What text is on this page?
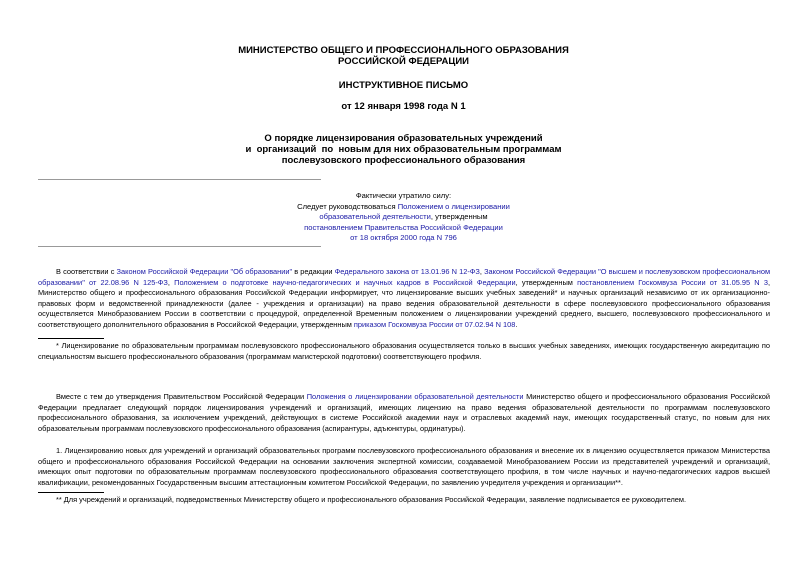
МИНИСТЕРСТВО ОБЩЕГО И ПРОФЕССИОНАЛЬНОГО ОБРАЗОВАНИЯ
РОССИЙСКОЙ ФЕДЕРАЦИИ
ИНСТРУКТИВНОЕ ПИСЬМО
от 12 января 1998 года N 1
О порядке лицензирования образовательных учреждений
и  организаций  по  новым для них образовательным программам
послевузовского профессионального образования
Фактически утратило силу:
Следует руководствоваться Положением о лицензировании
образовательной деятельности, утвержденным
постановлением Правительства Российской Федерации
от 18 октября 2000 года N 796

В соответствии с Законом Российской Федерации "Об образовании" в редакции Федерального закона от 13.01.96 N 12-ФЗ, Законом Российской Федерации "О высшем и послевузовском профессиональном образовании" от 22.08.96 N 125-ФЗ, Положением о подготовке научно-педагогических и научных кадров в Российской Федерации, утвержденным постановлением Госкомвуза России от 31.05.95 N 3, Министерство общего и профессионального образования Российской Федерации информирует, что лицензирование высших учебных заведений* и научных организаций независимо от их организационно-правовых форм и ведомственной принадлежности (далее - учреждения и организации) на право ведения образовательной деятельности в сфере послевузовского профессионального образования осуществляется Минобразованием России в соответствии с процедурой, определенной Временным положением о лицензировании учреждений среднего, высшего, послевузовского профессионального и соответствующего дополнительного образования в Российской Федерации, утвержденным приказом Госкомвуза России от 07.02.94 N 108.

* Лицензирование по образовательным программам послевузовского профессионального образования осуществляется только в высших учебных заведениях, имеющих государственную аккредитацию по специальностям высшего профессионального образования (программам магистерской подготовки) соответствующего профиля.

Вместе с тем до утверждения Правительством Российской Федерации Положения о лицензировании образовательной деятельности Министерство общего и профессионального образования Российской Федерации предлагает следующий порядок лицензирования учреждений и организаций, имеющих лицензию на право ведения образовательной деятельности по программам послевузовского профессионального образования, за исключением учреждений, действующих в системе Российской академии наук и отраслевых академий наук, имеющих государственный статус, по новым для них образовательным программам послевузовского профессионального образования (аспирантуры, адъюнктуры, ординатуры).

1. Лицензированию новых для учреждений и организаций образовательных программ послевузовского профессионального образования и внесение их в лицензию осуществляется приказом Министерства общего и профессионального образования Российской Федерации на основании заключения экспертной комиссии, создаваемой Минобразованием России из представителей учреждений и организаций, имеющих опыт подготовки по образовательным программам послевузовского профессионального образования соответствующего профиля, в том числе научных и научно-педагогических кадров высшей квалификации, рекомендованных Государственным высшим аттестационным комитетом Российской Федерации, по заявлению учредителя учреждения и организации**.

** Для учреждений и организаций, подведомственных Министерству общего и профессионального образования Российской Федерации, заявление подписывается ее руководителем.
